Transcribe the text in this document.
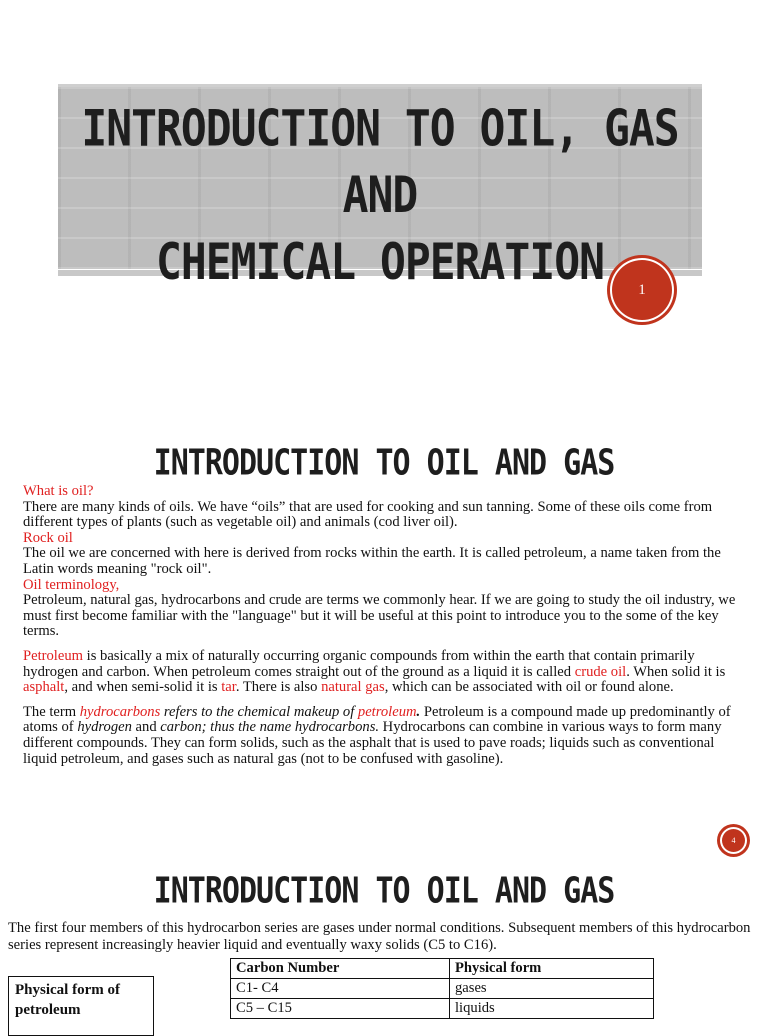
INTRODUCTION TO OIL, GAS AND
CHEMICAL OPERATION	1
INTRODUCTION TO OIL AND GAS

What is oil?

There are many kinds of oils. We have “oils” that are used for cooking and sun tanning. Some of these oils come from different types of plants (such as vegetable oil) and animals (cod liver oil).

Rock oil

The oil we are concerned with here is derived from rocks within the earth. It is called petroleum, a name taken from the Latin words meaning "rock oil".

Oil terminology,

Petroleum, natural gas, hydrocarbons and crude are terms we commonly hear. If we are going to study the oil industry, we must first become familiar with the "language" but it will be useful at this point to introduce you to the some of the key terms.

Petroleum is basically a mix of naturally occurring organic compounds from within the earth that contain primarily hydrogen and carbon. When petroleum comes straight out of the ground as a liquid it is called crude oil. When solid it is asphalt, and when semi-solid it is tar. There is also natural gas, which can be associated with oil or found alone.

The term hydrocarbons refers to the chemical makeup of petroleum. Petroleum is a compound made up predominantly of atoms of hydrogen and carbon; thus the name hydrocarbons. Hydrocarbons can combine in various ways to form many different compounds. They can form solids, such as the asphalt that is used to pave roads; liquids such as conventional liquid petroleum, and gases such as natural gas (not to be confused with gasoline).

4
INTRODUCTION TO OIL AND GAS

The first four members of this hydrocarbon series are gases under normal conditions. Subsequent members of this hydrocarbon series represent increasingly heavier liquid and eventually waxy solids (C5 to C16).

Physical form of petroleum
Carbon Number	Physical form
C1- C4	gases
C5 – C15	liquids
